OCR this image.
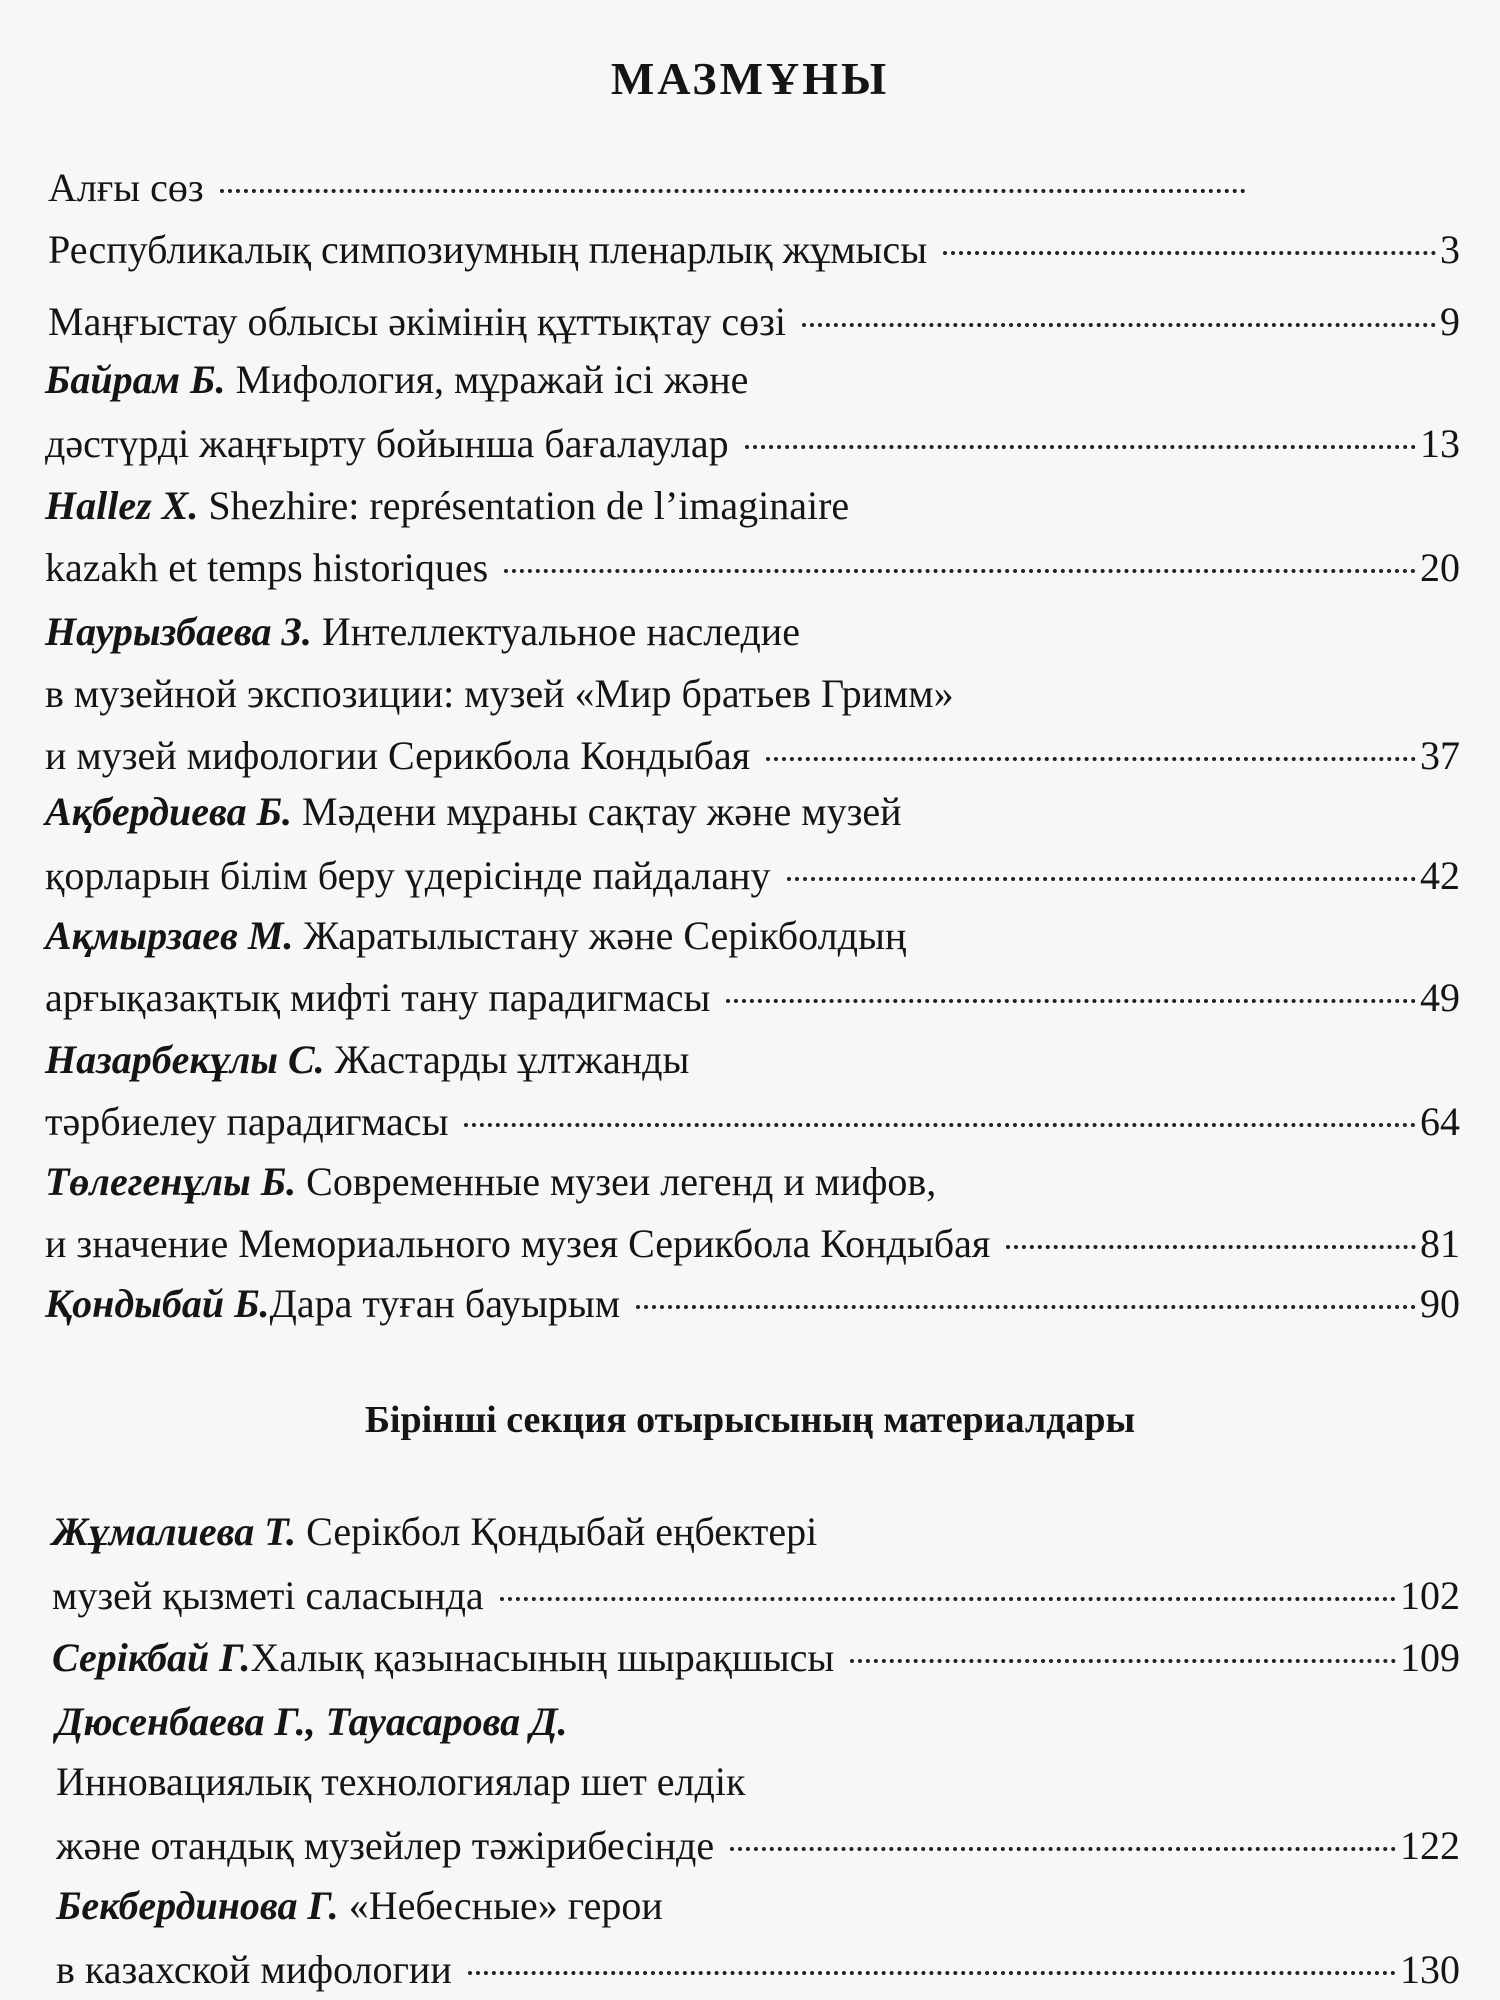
МАЗМҰНЫ
Алғы сөз
Республикалық симпозиумның пленарлық жұмысы	3
Маңғыстау облысы әкімінің құттықтау сөзі	9
Байрам Б. Мифология, мұражай ісі және
дәстүрді жаңғырту бойынша бағалаулар	13
Hallez X. Shezhire: représentation de l’imaginaire
kazakh et temps historiques	20
Наурызбаева З. Интеллектуальное наследие
в музейной экспозиции: музей «Мир братьев Гримм»
и музей мифологии Серикбола Кондыбая	37
Ақбердиева Б. Мәдени мұраны сақтау және музей
қорларын білім беру үдерісінде пайдалану	42
Ақмырзаев М. Жаратылыстану және Серікболдың
арғықазақтық мифті тану парадигмасы	49
Назарбекұлы С. Жастарды ұлтжанды
тәрбиелеу парадигмасы	64
Төлегенұлы Б. Современные музеи легенд и мифов,
и значение Мемориального музея Серикбола Кондыбая	81
Қондыбай Б. Дара туған бауырым	90
Бірінші секция отырысының материалдары
Жұмалиева Т. Серікбол Қондыбай еңбектері
музей қызметі саласында	102
Серікбай Г. Халық қазынасының шырақшысы	109
Дюсенбаева Г., Тауасарова Д.
Инновациялық технологиялар шет елдік
және отандық музейлер тәжірибесінде	122
Бекбердинова Г. «Небесные» герои
в казахской мифологии	130
